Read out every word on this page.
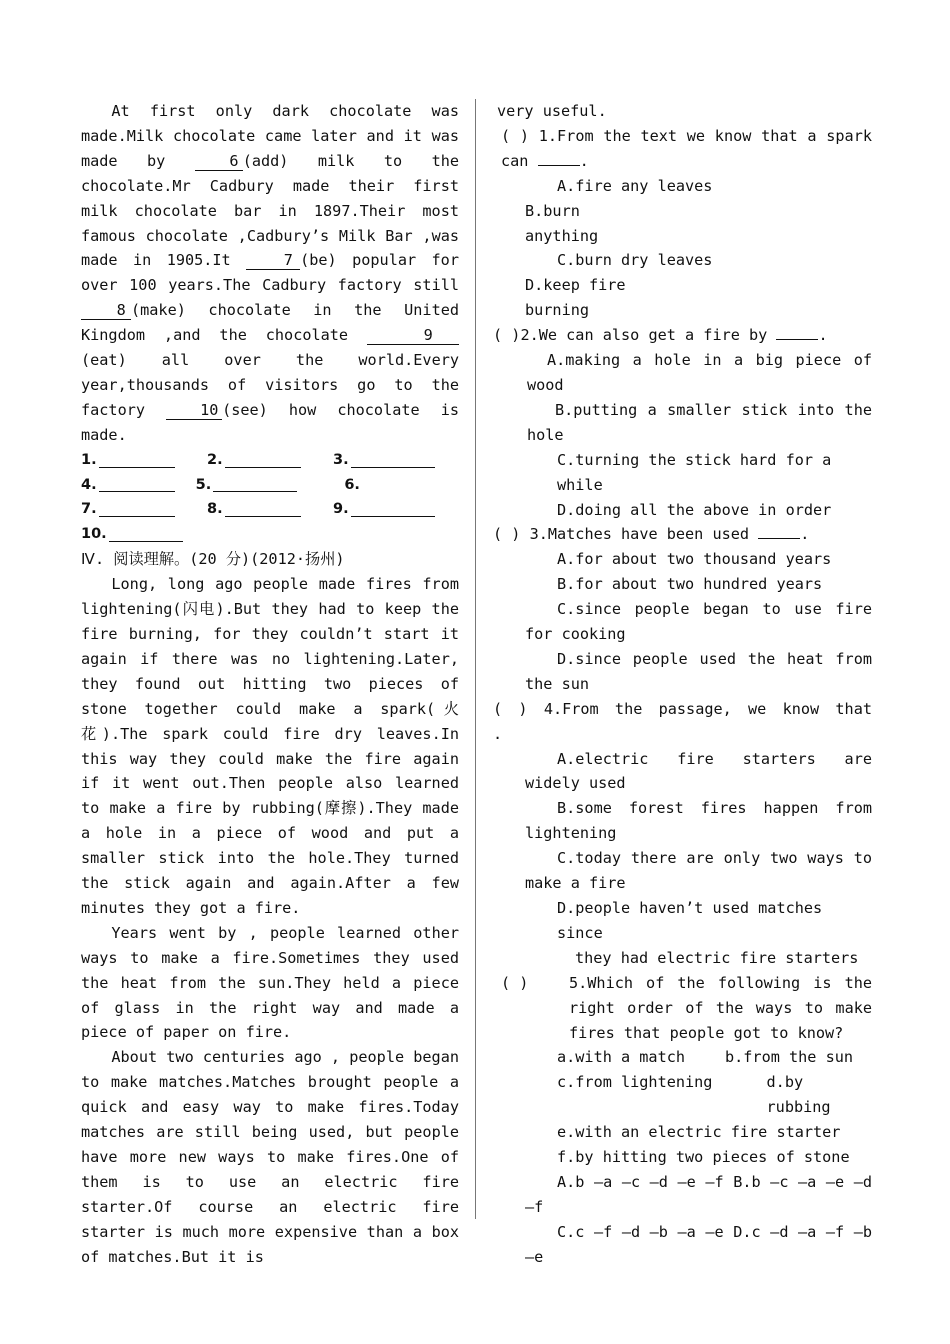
At first only dark chocolate was made.Milk chocolate came later and it was made by 6 (add) milk to the chocolate.Mr Cadbury made their first milk chocolate bar in 1897.Their most famous chocolate ,Cadbury’s Milk Bar ,was made in 1905.It 7 (be) popular for over 100 years.The Cadbury factory still 8 (make) chocolate in the United Kingdom ,and the chocolate	9(eat) all over the world.Every year,thousands of visitors go to the factory 10 (see) how chocolate is made.

1.	2.	3.
4.	5.	6.
7.	8.	9.
10.

Ⅳ. 阅读理解。(20 分)(2012·扬州)

Long, long ago people made fires from lightening(闪电).But they had to keep the fire burning, for they couldn’t start it again if there was no lightening.Later, they found out hitting two pieces of stone together could make a spark(火花).The spark could fire dry leaves.In this way they could make the fire again if it went out.Then people also learned to make a fire by rubbing(摩擦).They made a hole in a piece of wood and put a smaller stick into the hole.They turned the stick again and again.After a few minutes they got a fire.

Years went by , people learned other ways to make a fire.Sometimes they used the heat from the sun.They held a piece of glass in the right way and made a piece of paper on fire.

About two centuries ago , people began to make matches.Matches brought people a quick and easy way to make fires.Today matches are still being used, but people have more new ways to make fires.One of them is to use an electric fire starter.Of course an electric fire starter is much more expensive than a box of matches.But it is

very useful.

( ) 1.From the text we know that a spark can	.

A.fire any leaves
B.burn anything
C.burn dry leaves
D.keep fire burning

( )2.We can also get a fire by	.

A.making a hole in a big piece of wood

B.putting a smaller stick into the hole

C.turning the stick hard for a while

D.doing all the above in order

( ) 3.Matches have been used	.

A.for about two thousand years

B.for about two hundred years

C.since people began to use fire for cooking

D.since people used the heat from the sun

( ) 4.From the passage, we know that

.

A.electric fire starters are widely used

B.some forest fires happen from lightening

C.today there are only two ways to make a fire

D.people haven’t used matches since

they had electric fire starters

( )	5.Which of the following is the right order of the ways to make fires that people got to know?

a.with a match	b.from the sun
c.from lightening	d.by rubbing

e.with an electric fire starter

f.by hitting two pieces of stone

A.b —a —c —d —e —f B.b —c —a —e —d —f

C.c —f —d —b —a —e D.c —d —a —f —b —e
